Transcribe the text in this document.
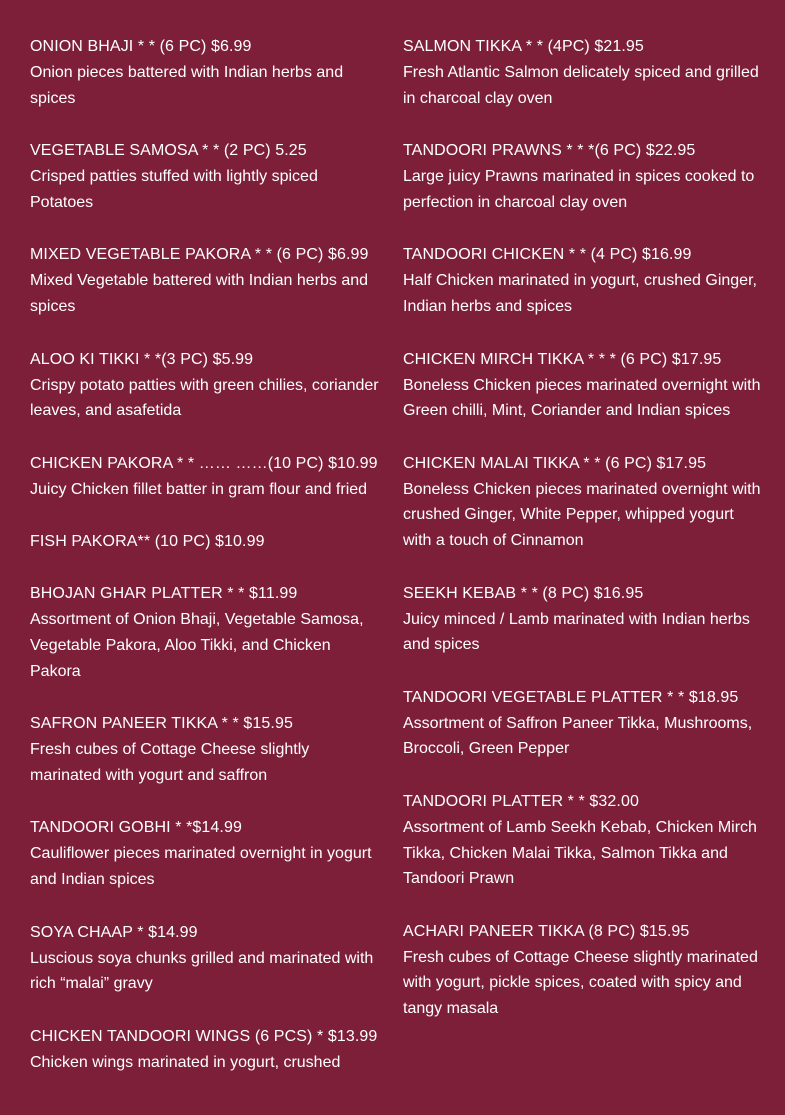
ONION BHAJI * * (6 PC) $6.99
Onion pieces battered with Indian herbs and spices
VEGETABLE SAMOSA * * (2 PC) 5.25
Crisped patties stuffed with lightly spiced Potatoes
MIXED VEGETABLE PAKORA * * (6 PC) $6.99
Mixed Vegetable battered with Indian herbs and spices
ALOO KI TIKKI * *(3 PC) $5.99
Crispy potato patties with green chilies, coriander leaves, and asafetida
CHICKEN PAKORA * * …… ……(10 PC) $10.99
Juicy Chicken fillet batter in gram flour and fried
FISH PAKORA** (10 PC) $10.99
BHOJAN GHAR PLATTER * * $11.99
Assortment of Onion Bhaji, Vegetable Samosa, Vegetable Pakora, Aloo Tikki, and Chicken Pakora
SAFRON PANEER TIKKA * * $15.95
Fresh cubes of Cottage Cheese slightly marinated with yogurt and saffron
TANDOORI GOBHI * *$14.99
Cauliflower pieces marinated overnight in yogurt and Indian spices
SOYA CHAAP * $14.99
Luscious soya chunks grilled and marinated with rich “malai” gravy
CHICKEN TANDOORI WINGS (6 PCS) * $13.99
Chicken wings marinated in yogurt, crushed
SALMON TIKKA * * (4PC) $21.95
Fresh Atlantic Salmon delicately spiced and grilled in charcoal clay oven
TANDOORI PRAWNS * * *(6 PC) $22.95
Large juicy Prawns marinated in spices cooked to perfection in charcoal clay oven
TANDOORI CHICKEN * * (4 PC) $16.99
Half Chicken marinated in yogurt, crushed Ginger, Indian herbs and spices
CHICKEN MIRCH TIKKA * * * (6 PC) $17.95
Boneless Chicken pieces marinated overnight with Green chilli, Mint, Coriander and Indian spices
CHICKEN MALAI TIKKA * * (6 PC) $17.95
Boneless Chicken pieces marinated overnight with crushed Ginger, White Pepper, whipped yogurt with a touch of Cinnamon
SEEKH KEBAB * * (8 PC) $16.95
Juicy minced / Lamb marinated with Indian herbs and spices
TANDOORI VEGETABLE PLATTER * * $18.95
Assortment of Saffron Paneer Tikka, Mushrooms, Broccoli, Green Pepper
TANDOORI PLATTER * * $32.00
Assortment of Lamb Seekh Kebab, Chicken Mirch Tikka, Chicken Malai Tikka, Salmon Tikka and Tandoori Prawn
ACHARI PANEER TIKKA (8 PC) $15.95
Fresh cubes of Cottage Cheese slightly marinated with yogurt, pickle spices, coated with spicy and tangy masala
